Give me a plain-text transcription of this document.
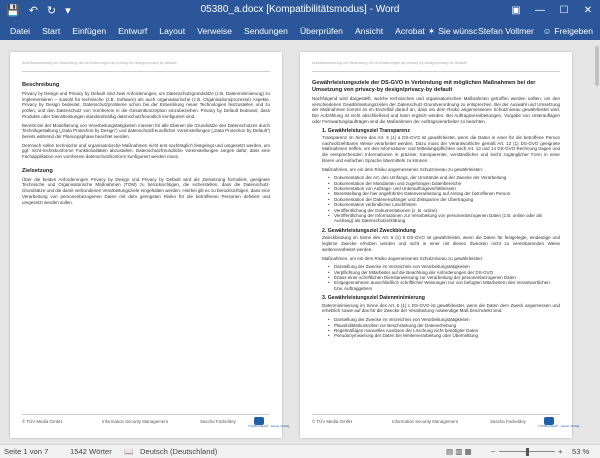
💾 ↶ ↻ ▾	05380_a.docx [Kompatibilitätsmodus] - Word	▣	—	☐	✕
Datei	Start	Einfügen	Entwurf	Layout	Verweise	Sendungen	Überprüfen	Ansicht	Acrobat ✶ Sie wünsc Stefan Vollmer ☺ Freigeben
Arbeitsanweisung zur Beachtung der Anforderungen an privacy by design/privacy by default*
Beschreibung

Privacy by Design und Privacy by Default sind zwei Anforderungen, um Datenschutzgrundsätze (z.B. Datenminimierung) zu implementieren – sowohl für technische (z.B. Software) als auch organisatorische (z.B. Organisationsprozesse) Aspekte. Privacy by Design bedeutet, Datenschutzprobleme schon bei der Entwicklung neuer Technologien festzustellen und zu prüfen, und den Datenschutz von Vornherein in die Gesamtkonzeption einzubeziehen. Privacy by Default bedeutet, dass Produkte oder Dienstleistungen standardmäßig datenschutzfreundlich konfiguriert sind.

Bereits bei der Modellierung von Verarbeitungstätigkeiten müssen für alle Ebenen die Grundsätze des Datenschutzes durch Technikgestaltung („Data Protection by Design“) und datenschutzfreundlicher Voreinstellungen („Data Protection by Default“) bereits während der Planungsphase beachtet werden.

Demnach sollen technische und organisatorische Maßnahmen nicht erst nachträglich festgelegt und umgesetzt werden, um ggf. nicht-rechtskonforme Funktionalitäten abzustellen. Datenschutzfreundliche Voreinstellungen sorgen dafür, dass eine Fachapplikation von vornherein datenschutzkonform konfiguriert werden muss.

Zielsetzung

Über die beiden Anforderungen Privacy by Design und Privacy by Default wird als Zielsetzung formuliert, geeignete Technische und Organisatorische Maßnahmen (TOM) zu berücksichtigen, die sicherstellen, dass die Datenschutz-Grundsätze und die damit verbundenen Verarbeitungsziele eingehalten werden. Hierbei gilt es zu berücksichtigen, dass eine Verarbeitung von personenbezogenen Daten mit dem geringsten Risiko für die betroffenen Personen definiert und umgesetzt werden sollen.

© TÜV Media GmbH	Information Security Management	Sascha Fackeldey
TÜVRheinland® · Genau. Richtig.
Arbeitsanweisung zur Beachtung der Anforderungen an privacy by design/privacy by default*
Gewährleistungsziele der DS-GVO in Verbindung mit möglichen Maßnahmen bei der Umsetzung von privacy-by design/privacy-by default

Nachfolgend wird dargestellt, welche technischen und organisatorischen Maßnahmen getroffen werden sollten, um den verschiedenen Gewährleistungszielen der Datenschutz-Grundverordnung zu entsprechen. Bei der Auswahl und Umsetzung der Maßnahmen kommt es im Einzelfall darauf an, dass ein dem Risiko angemessenes Schutzniveau gewährleistet wird. Die Aufzählung ist nicht abschließend und kann ergänzt werden. Bei Auftragsverarbeitungen, Vorgabe von Unterauflagen oder Fernwartungsaufträgen sind die Maßnahmen der Auftragsverarbeiter zu beachten.

1. Gewährleistungsziel Transparenz

Transparenz im Sinne des Art. 5 (1) a DS-GVO ist gewährleistet, wenn die Daten in einer für die betroffene Person nachvollziehbaren Weise verarbeitet werden. Dazu muss der Verantwortliche gemäß Art. 12 (1) DS-GVO geeignete Maßnahmen treffen, um den Informations- und Mitteilungspflichten nach Art. 13 und 14 DS-GVO Rechnung tragen und die entsprechenden Informationen in präziser, transparenter, verständlicher und leicht zugänglicher Form in einer klaren und einfachen Sprache übermitteln zu können.

Maßnahmen, um ein dem Risiko angemessenes Schutzniveau zu gewährleisten:

• Dokumentation der Art, des Umfangs, der Umstände und der Zwecke der Verarbeitung
• Dokumentation der Mandanten und zugehörigen Datenbereiche
• Dokumentation von Auftrags- und Unterauftragsverhältnissen
• Bereitstellung der hier angeführten Datenverarbeitung auf Antrag der betroffenen Person
• Dokumentation der Datenempfänger und Zeitspanne der Übertragung
• Dokumentation verbindlicher Löschfristen
• Veröffentlichung der Dokumentationen (z. B. online)
• Veröffentlichung der Informationen zur Verarbeitung von personenbezogenen Daten (z.B. online oder als Aushang) als Datenschutzerklärung
2. Gewährleistungsziel Zweckbindung

Zweckbindung im Sinne des Art. 5 (1) b DS-GVO ist gewährleistet, wenn die Daten für festgelegte, eindeutige und legitime Zwecke erhoben werden und nicht in einer mit diesen Zwecken nicht zu vereinbarenden Weise weiterverarbeitet werden.

Maßnahmen, um ein dem Risiko angemessenes Schutzniveau zu gewährleisten:

• Darstellung der Zwecke im Verzeichnis von Verarbeitungstätigkeiten
• Verpflichtung der Mitarbeiter auf die Beachtung der Anforderungen der DS-GVO
• Erlass einer schriftlichen Dienstanweisung zur Verarbeitung der personenbezogenen Daten
• Entgegennehmen ausschließlich schriftlicher Weisungen nur von befugten Mitarbeitern des Verantwortlichen bzw. Auftraggebers
3. Gewährleistungsziel Datenminimierung

Datenminimierung im Sinne des Art. 5 (1) c DS-GVO ist gewährleistet, wenn die Daten dem Zweck angemessen und erheblich sowie auf das für die Zwecke der Verarbeitung notwendige Maß beschränkt sind.

• Darstellung der Zwecke im Verzeichnis von Verarbeitungstätigkeiten
• Plausibilitätskontrollen zur Beschränkung der Datenerhebung
• Regelmäßiges manuelles Auslösen der Löschung nicht benötigter Daten
• Pseudonymisierung der Daten bei Weiterverarbeitung oder Übermittlung
© TÜV Media GmbH	Information Security Management	Sascha Fackeldey
TÜVRheinland® · Genau. Richtig.
Seite 1 von 7	1542 Wörter 📖 Deutsch (Deutschland)	▤ ▥ ▦	−	+ 53 %
